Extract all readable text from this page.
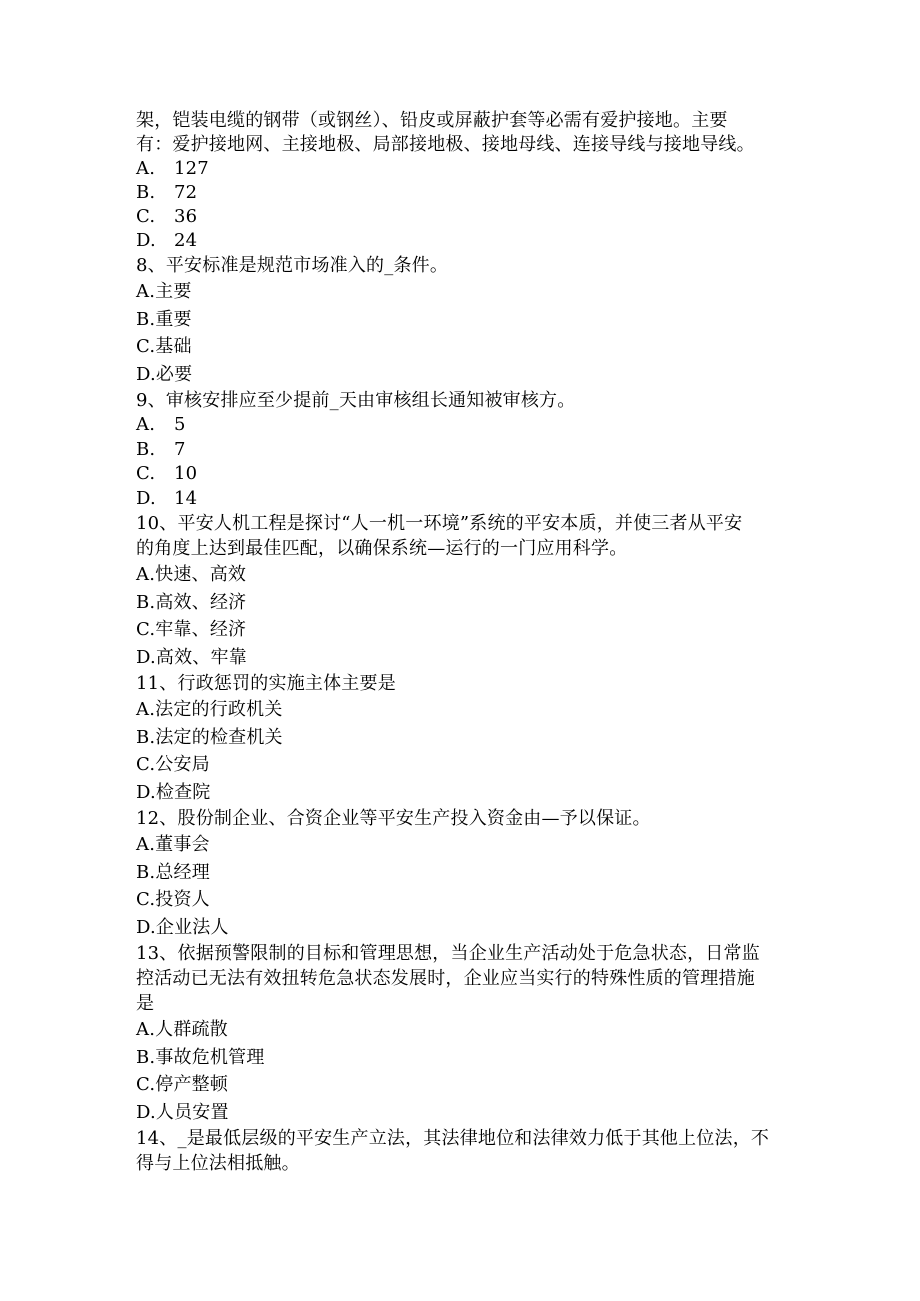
架，铠装电缆的钢带（或钢丝）、铅皮或屏蔽护套等必需有爱护接地。主要
有：爱护接地网、主接地极、局部接地极、接地母线、连接导线与接地导线。
A. 127
B. 72
C. 36
D. 24
8、平安标准是规范市场准入的_条件。
A.主要
B.重要
C.基础
D.必要
9、审核安排应至少提前_天由审核组长通知被审核方。
A. 5
B. 7
C. 10
D. 14
10、平安人机工程是探讨“人一机一环境”系统的平安本质，并使三者从平安
的角度上达到最佳匹配，以确保系统—运行的一门应用科学。
A.快速、高效
B.高效、经济
C.牢靠、经济
D.高效、牢靠
11、行政惩罚的实施主体主要是
A.法定的行政机关
B.法定的检查机关
C.公安局
D.检查院
12、股份制企业、合资企业等平安生产投入资金由—予以保证。
A.董事会
B.总经理
C.投资人
D.企业法人
13、依据预警限制的目标和管理思想，当企业生产活动处于危急状态，日常监
控活动已无法有效扭转危急状态发展时，企业应当实行的特殊性质的管理措施
是
A.人群疏散
B.事故危机管理
C.停产整顿
D.人员安置
14、_是最低层级的平安生产立法，其法律地位和法律效力低于其他上位法，不
得与上位法相抵触。
